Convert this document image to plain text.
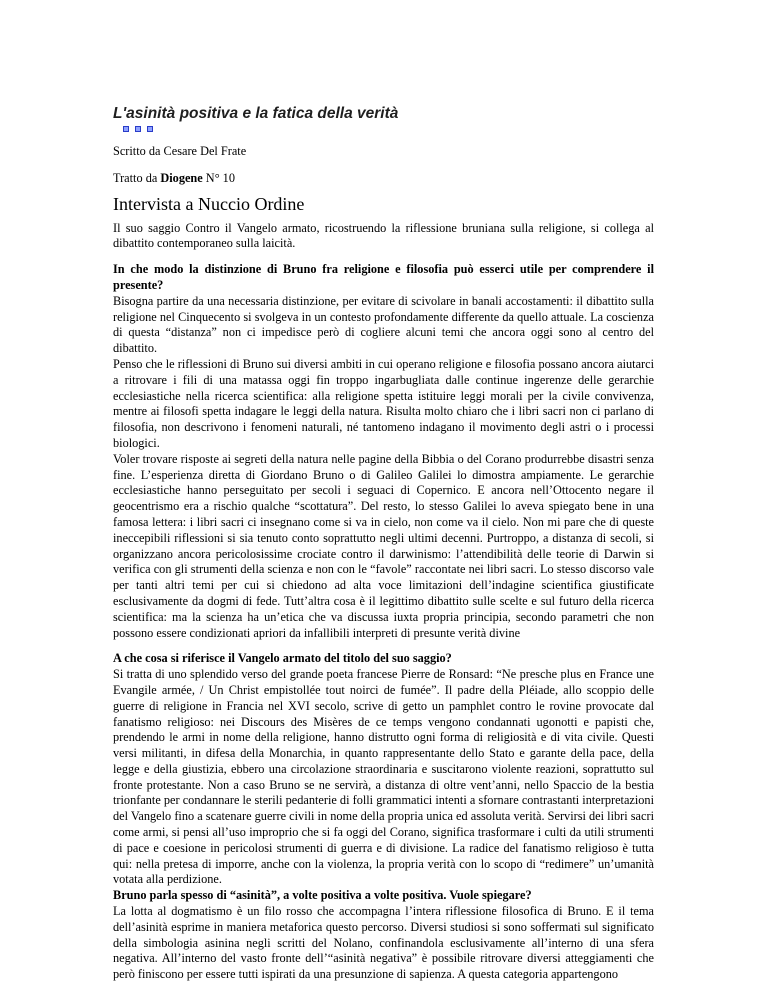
L'asinità positiva e la fatica della verità
Scritto da Cesare Del Frate
Tratto da Diogene N° 10
Intervista a Nuccio Ordine

Il suo saggio Contro il Vangelo armato, ricostruendo la riflessione bruniana sulla religione, si collega al dibattito contemporaneo sulla laicità.

In che modo la distinzione di Bruno fra religione e filosofia può esserci utile per comprendere il presente?

Bisogna partire da una necessaria distinzione, per evitare di scivolare in banali accostamenti: il dibattito sulla religione nel Cinquecento si svolgeva in un contesto profondamente differente da quello attuale. La coscienza di questa “distanza” non ci impedisce però di cogliere alcuni temi che ancora oggi sono al centro del dibattito.

Penso che le riflessioni di Bruno sui diversi ambiti in cui operano religione e filosofia possano ancora aiutarci a ritrovare i fili di una matassa oggi fin troppo ingarbugliata dalle continue ingerenze delle gerarchie ecclesiastiche nella ricerca scientifica: alla religione spetta istituire leggi morali per la civile convivenza, mentre ai filosofi spetta indagare le leggi della natura. Risulta molto chiaro che i libri sacri non ci parlano di filosofia, non descrivono i fenomeni naturali, né tantomeno indagano il movimento degli astri o i processi biologici.

Voler trovare risposte ai segreti della natura nelle pagine della Bibbia o del Corano produrrebbe disastri senza fine. L’esperienza diretta di Giordano Bruno o di Galileo Galilei lo dimostra ampiamente. Le gerarchie ecclesiastiche hanno perseguitato per secoli i seguaci di Copernico. E ancora nell’Ottocento negare il geocentrismo era a rischio qualche “scottatura”. Del resto, lo stesso Galilei lo aveva spiegato bene in una famosa lettera: i libri sacri ci insegnano come si va in cielo, non come va il cielo. Non mi pare che di queste ineccepibili riflessioni si sia tenuto conto soprattutto negli ultimi decenni. Purtroppo, a distanza di secoli, si organizzano ancora pericolosissime crociate contro il darwinismo: l’attendibilità delle teorie di Darwin si verifica con gli strumenti della scienza e non con le “favole” raccontate nei libri sacri. Lo stesso discorso vale per tanti altri temi per cui si chiedono ad alta voce limitazioni dell’indagine scientifica giustificate esclusivamente da dogmi di fede. Tutt’altra cosa è il legittimo dibattito sulle scelte e sul futuro della ricerca scientifica: ma la scienza ha un’etica che va discussa iuxta propria principia, secondo parametri che non possono essere condizionati apriori da infallibili interpreti di presunte verità divine

A che cosa si riferisce il Vangelo armato del titolo del suo saggio?

Si tratta di uno splendido verso del grande poeta francese Pierre de Ronsard: “Ne presche plus en France une Evangile armée, / Un Christ empistollée tout noirci de fumée”. Il padre della Pléiade, allo scoppio delle guerre di religione in Francia nel XVI secolo, scrive di getto un pamphlet contro le rovine provocate dal fanatismo religioso: nei Discours des Misères de ce temps vengono condannati ugonotti e papisti che, prendendo le armi in nome della religione, hanno distrutto ogni forma di religiosità e di vita civile. Questi versi militanti, in difesa della Monarchia, in quanto rappresentante dello Stato e garante della pace, della legge e della giustizia, ebbero una circolazione straordinaria e suscitarono violente reazioni, soprattutto sul fronte protestante. Non a caso Bruno se ne servirà, a distanza di oltre vent’anni, nello Spaccio de la bestia trionfante per condannare le sterili pedanterie di folli grammatici intenti a sfornare contrastanti interpretazioni del Vangelo fino a scatenare guerre civili in nome della propria unica ed assoluta verità. Servirsi dei libri sacri come armi, si pensi all’uso improprio che si fa oggi del Corano, significa trasformare i culti da utili strumenti di pace e coesione in pericolosi strumenti di guerra e di divisione. La radice del fanatismo religioso è tutta qui: nella pretesa di imporre, anche con la violenza, la propria verità con lo scopo di “redimere” un’umanità votata alla perdizione.

Bruno parla spesso di “asinità”, a volte positiva a volte positiva. Vuole spiegare?

La lotta al dogmatismo è un filo rosso che accompagna l’intera riflessione filosofica di Bruno. E il tema dell’asinità esprime in maniera metaforica questo percorso. Diversi studiosi si sono soffermati sul significato della simbologia asinina negli scritti del Nolano, confinandola esclusivamente all’interno di una sfera negativa. All’interno del vasto fronte dell’“asinità negativa” è possibile ritrovare diversi atteggiamenti che però finiscono per essere tutti ispirati da una presunzione di sapienza. A questa categoria appartengono
